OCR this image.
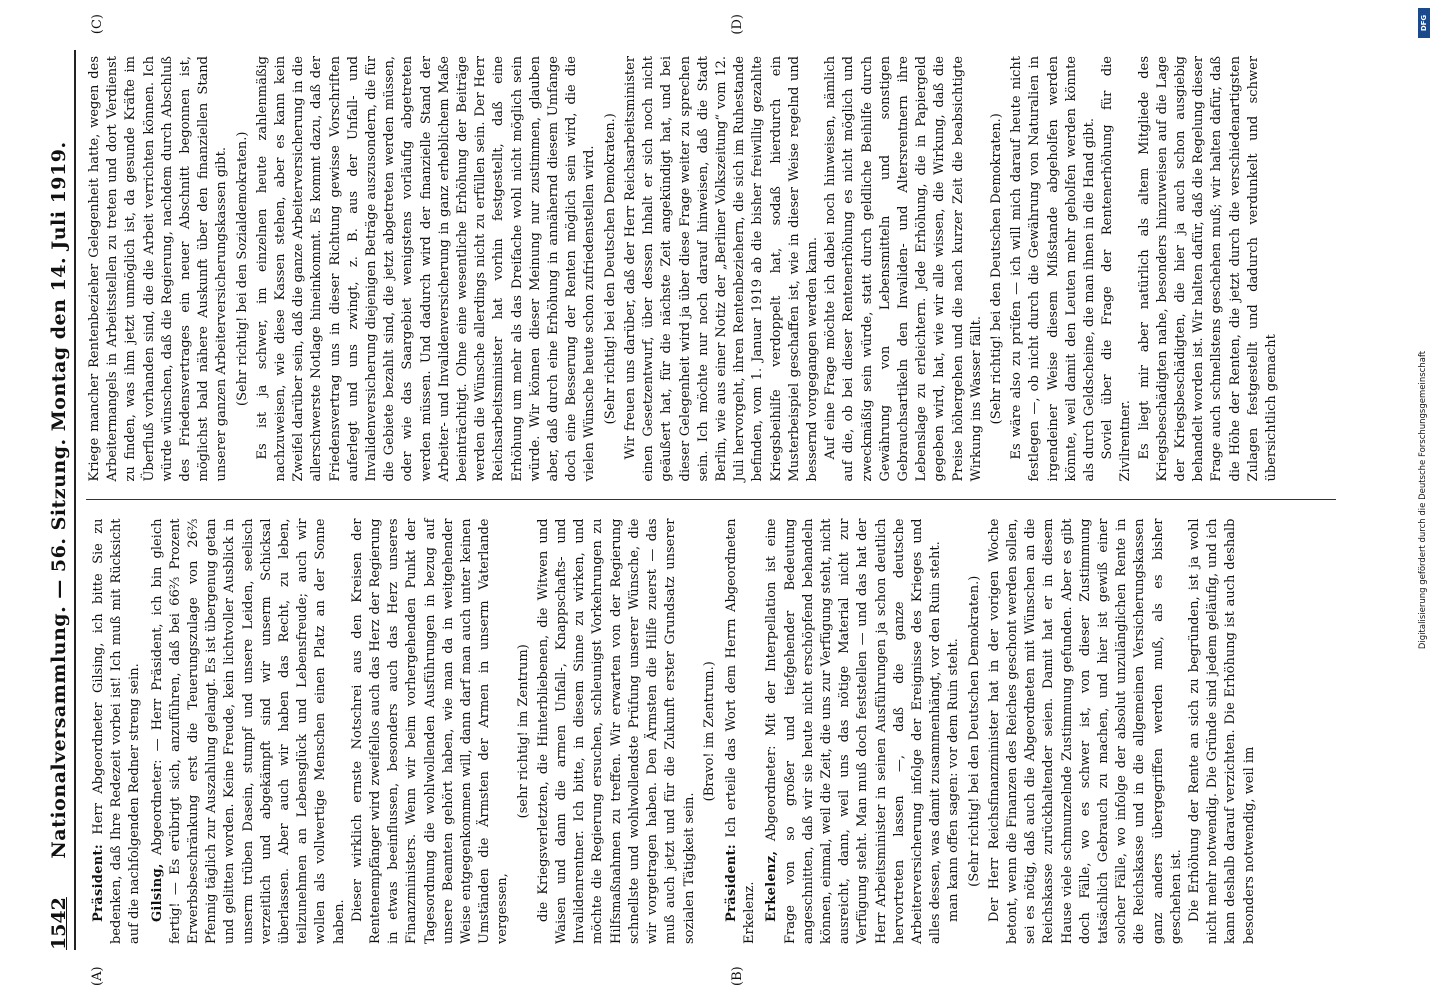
1542
Nationalversammlung. — 56. Sitzung. Montag den 14. Juli 1919.
(A)	(B)
(C)	(D)

Präsident: Herr Abgeordneter Gilsing, ich bitte Sie zu bedenken, daß Ihre Redezeit vorbei ist! Ich muß mit Rücksicht auf die nachfolgenden Redner streng sein. Gilsing, Abgeordneter: — Herr Präsident, ich bin gleich fertig! — Es erübrigt sich, anzuführen, daß bei 66⅔ Prozent Erwerbsbeschränkung erst die Teuerungszulage von 26⅔ Pfennig täglich zur Auszahlung gelangt. Es ist übergenug getan und gelitten worden. Keine Freude, kein lichtvoller Ausblick in unserm trüben Dasein, stumpf und unsere Leiden, seelisch verzeitlich und abgekämpft sind wir unserm Schicksal überlassen. Aber auch wir haben das Recht, zu leben, teilzunehmen an Lebensglück und Lebensfreude; auch wir wollen als vollwertige Menschen einen Platz an der Sonne haben. Dieser wirklich ernste Notschrei aus den Kreisen der Rentenempfänger wird zweifellos auch das Herz der Regierung in etwas beeinflussen, besonders auch das Herz unseres Finanzministers. Wenn wir beim vorhergehenden Punkt der Tagesordnung die wohlwollenden Ausführungen in bezug auf unsere Beamten gehört haben, wie man da in weitgehender Weise entgegenkommen will, dann darf man auch unter keinen Umständen die Ärmsten der Armen in unserm Vaterlande vergessen,

(sehr richtig! im Zentrum) die Kriegsverletzten, die Hinterbliebenen, die Witwen und Waisen und dann die armen Unfall-, Knappschafts- und Invalidenrentner. Ich bitte, in diesem Sinne zu wirken, und möchte die Regierung ersuchen, schleunigst Vorkehrungen zu Hilfsmaßnahmen zu treffen. Wir erwarten von der Regierung schnellste und wohlwollendste Prüfung unserer Wünsche, die wir vorgetragen haben. Den Ärmsten die Hilfe zuerst — das muß auch jetzt und für die Zukunft erster Grundsatz unserer sozialen Tätigkeit sein.

(Bravo! im Zentrum.)

Präsident: Ich erteile das Wort dem Herrn Abgeordneten Erkelenz. Erkelenz, Abgeordneter: Mit der Interpellation ist eine Frage von so großer und tiefgehender Bedeutung angeschnitten, daß wir sie heute nicht erschöpfend behandeln können, einmal, weil die Zeit, die uns zur Verfügung steht, nicht ausreicht, dann, weil uns das nötige Material nicht zur Verfügung steht. Man muß doch feststellen — und das hat der Herr Arbeitsminister in seinen Ausführungen ja schon deutlich hervortreten lassen —, daß die ganze deutsche Arbeiterversicherung infolge der Ereignisse des Krieges und alles dessen, was damit zusammenhängt, vor den Ruin steht. man kann offen sagen: vor dem Ruin steht. (Sehr richtig! bei den Deutschen Demokraten.) Der Herr Reichsfinanzminister hat in der vorigen Woche betont, wenn die Finanzen des Reiches geschont werden sollen, sei es nötig, daß auch die Abgeordneten mit Wünschen an die Reichskasse zurückhaltender seien. Damit hat er in diesem Hause viele schmunzelnde Zustimmung gefunden. Aber es gibt doch Fälle, wo es schwer ist, von dieser Zustimmung tatsächlich Gebrauch zu machen, und hier ist gewiß einer solcher Fälle, wo infolge der absolut unzulänglichen Rente in die Reichskasse und in die allgemeinen Versicherungskassen ganz anders übergegriffen werden muß, als es bisher geschehen ist. Die Erhöhung der Rente an sich zu begründen, ist ja wohl nicht mehr notwendig. Die Gründe sind jedem geläufig, und ich kann deshalb darauf verzichten. Die Erhöhung ist auch deshalb besonders notwendig, weil im

Kriege mancher Rentenbezieher Gelegenheit hatte, wegen des Arbeitermangels in Arbeitsstellen zu treten und dort Verdienst zu finden, was ihm jetzt unmöglich ist, da gesunde Kräfte im Überfluß vorhanden sind, die die Arbeit verrichten können. Ich würde wünschen, daß die Regierung, nachdem durch Abschluß des Friedensvertrages ein neuer Abschnitt begonnen ist, möglichst bald nähere Auskunft über den finanziellen Stand unserer ganzen Arbeiterversicherungskassen gibt. (Sehr richtig! bei den Sozialdemokraten.) Es ist ja schwer, im einzelnen heute zahlenmäßig nachzuweisen, wie diese Kassen stehen, aber es kann kein Zweifel darüber sein, daß die ganze Arbeiterversicherung in die allerschwerste Notlage hineinkommt. Es kommt dazu, daß der Friedensvertrag uns in dieser Richtung gewisse Vorschriften auferlegt und uns zwingt, z. B. aus der Unfall- und Invalidenversicherung diejenigen Beträge auszusondern, die für die Gebiete bezahlt sind, die jetzt abgetreten werden müssen, oder wie das Saargebiet wenigstens vorläufig abgetreten werden müssen. Und dadurch wird der finanzielle Stand der Arbeiter- und Invalidenversicherung in ganz erheblichem Maße beeinträchtigt. Ohne eine wesentliche Erhöhung der Beiträge werden die Wünsche allerdings nicht zu erfüllen sein. Der Herr Reichsarbeitsminister hat vorhin festgestellt, daß eine Erhöhung um mehr als das Dreifache wohl nicht möglich sein würde. Wir können dieser Meinung nur zustimmen, glauben aber, daß durch eine Erhöhung in annähernd diesem Umfange doch eine Besserung der Renten möglich sein wird, die die vielen Wünsche heute schon zufriedenstellen wird. (Sehr richtig! bei den Deutschen Demokraten.) Wir freuen uns darüber, daß der Herr Reichsarbeitsminister einen Gesetzentwurf, über dessen Inhalt er sich noch nicht geäußert hat, für die nächste Zeit angekündigt hat, und bei dieser Gelegenheit wird ja über diese Frage weiter zu sprechen sein. Ich möchte nur noch darauf hinweisen, daß die Stadt Berlin, wie aus einer Notiz der „Berliner Volkszeitung“ vom 12. Juli hervorgeht, ihren Rentenbeziehern, die sich im Ruhestande befinden, vom 1. Januar 1919 ab die bisher freiwillig gezahlte Kriegsbeihilfe verdoppelt hat, sodaß hierdurch ein Musterbeispiel geschaffen ist, wie in dieser Weise regelnd und bessernd vorgegangen werden kann. Auf eine Frage möchte ich dabei noch hinweisen, nämlich auf die, ob bei dieser Rentenerhöhung es nicht möglich und zweckmäßig sein würde, statt durch geldliche Beihilfe durch Gewährung von Lebensmitteln und sonstigen Gebrauchsartikeln den Invaliden- und Altersrentnern ihre Lebenslage zu erleichtern. Jede Erhöhung, die in Papiergeld gegeben wird, hat, wie wir alle wissen, die Wirkung, daß die Preise höhergehen und die nach kurzer Zeit die beabsichtigte Wirkung ins Wasser fällt. (Sehr richtig! bei den Deutschen Demokraten.) Es wäre also zu prüfen — ich will mich darauf heute nicht festlegen —, ob nicht durch die Gewährung von Naturalien in irgendeiner Weise diesem Mißstande abgeholfen werden könnte, weil damit den Leuten mehr geholfen werden könnte als durch Geldscheine, die man ihnen in die Hand gibt. Soviel über die Frage der Rentenerhöhung für die Zivilrentner. Es liegt mir aber natürlich als altem Mitgliede des Kriegsbeschädigten nahe, besonders hinzuweisen auf die Lage der Kriegsbeschädigten, die hier ja auch schon ausgiebig behandelt worden ist. Wir halten dafür, daß die Regelung dieser Frage auch schnellstens geschehen muß; wir halten dafür, daß die Höhe der Renten, die jetzt durch die verschiedenartigsten Zulagen festgestellt und dadurch verdunkelt und schwer übersichtlich gemacht	Digitalisierung gefördert durch die Deutsche Forschungsgemeinschaft
DFG
